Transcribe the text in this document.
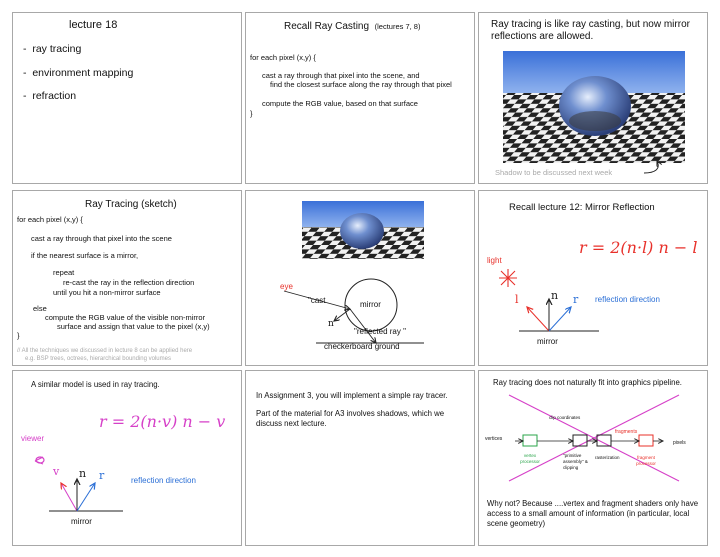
lecture 18
-  ray tracing
-  environment mapping
-  refraction
Recall Ray Casting (lectures 7, 8)
for each pixel (x,y) {
cast a ray through that pixel into the scene, and
find the closest surface along the ray through that pixel
compute the RGB value, based on that surface
}
Ray tracing is like ray casting, but now mirror reflections are allowed.
Shadow to be discussed next week
Ray Tracing (sketch)
for each pixel (x,y) {
cast a ray through that pixel into the scene
if the nearest surface is a mirror,
repeat
re-cast the ray in the reflection direction
until you hit a non-mirror surface
else
compute the RGB value of the visible non-mirror
surface and assign that value to the pixel (x,y)
}
// All the techniques we discussed in lecture 8 can be applied here
e.g. BSP trees, octrees, hierarchical bounding volumes
eye
"cast	mirror
n
"reflected ray "
checkerboard ground
Recall lecture 12: Mirror Reflection
r = 2(n·l) n − l
l	n r
light
reflection direction
mirror
A similar model is used in ray tracing.
r = 2(n·v) n − v
v n r
viewer
reflection direction
mirror
In Assignment 3, you will implement a simple ray tracer.
Part of the material for A3 involves shadows, which we discuss next lecture.
Ray tracing does not naturally fit into graphics pipeline.
vertices
pixels
clip coordinates
fragments
vertex processor
"primitive assembly" & clipping
rasterization	fragment processor
Why not? Because ....vertex and fragment shaders only have access to a small amount of information (in particular, local scene geometry)
